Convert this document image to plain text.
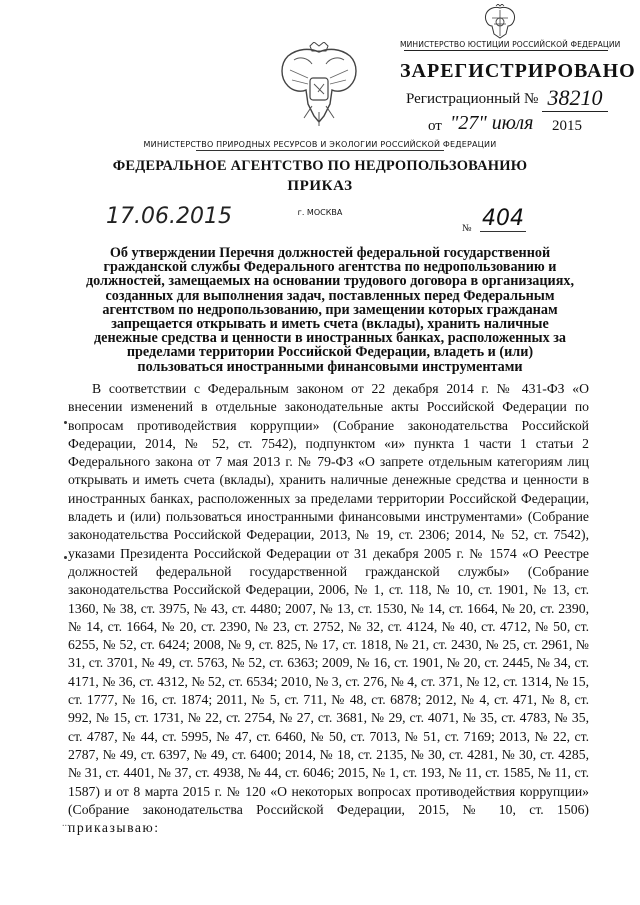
МИНИСТЕРСТВО ЮСТИЦИИ РОССИЙСКОЙ ФЕДЕРАЦИИ
ЗАРЕГИСТРИРОВАНО
Регистрационный № 38210
от "27" июля 2015
МИНИСТЕРСТВО ПРИРОДНЫХ РЕСУРСОВ И ЭКОЛОГИИ РОССИЙСКОЙ ФЕДЕРАЦИИ
ФЕДЕРАЛЬНОЕ АГЕНТСТВО ПО НЕДРОПОЛЬЗОВАНИЮ
ПРИКАЗ
г. МОСКВА
17.06.2015	№ 404
Об утверждении Перечня должностей федеральной государственной гражданской службы Федерального агентства по недропользованию и должностей, замещаемых на основании трудового договора в организациях, созданных для выполнения задач, поставленных перед Федеральным агентством по недропользованию, при замещении которых гражданам запрещается открывать и иметь счета (вклады), хранить наличные денежные средства и ценности в иностранных банках, расположенных за пределами территории Российской Федерации, владеть и (или) пользоваться иностранными финансовыми инструментами

В соответствии с Федеральным законом от 22 декабря 2014 г. № 431-ФЗ «О внесении изменений в отдельные законодательные акты Российской Федерации по вопросам противодействия коррупции» (Собрание законодательства Российской Федерации, 2014, № 52, ст. 7542), подпунктом «и» пункта 1 части 1 статьи 2 Федерального закона от 7 мая 2013 г. № 79-ФЗ «О запрете отдельным категориям лиц открывать и иметь счета (вклады), хранить наличные денежные средства и ценности в иностранных банках, расположенных за пределами территории Российской Федерации, владеть и (или) пользоваться иностранными финансовыми инструментами» (Собрание законодательства Российской Федерации, 2013, № 19, ст. 2306; 2014, № 52, ст. 7542), указами Президента Российской Федерации от 31 декабря 2005 г. № 1574 «О Реестре должностей федеральной государственной гражданской службы» (Собрание законодательства Российской Федерации, 2006, № 1, ст. 118, № 10, ст. 1901, № 13, ст. 1360, № 38, ст. 3975, № 43, ст. 4480; 2007, № 13, ст. 1530, № 14, ст. 1664, № 20, ст. 2390, № 14, ст. 1664, № 20, ст. 2390, № 23, ст. 2752, № 32, ст. 4124, № 40, ст. 4712, № 50, ст. 6255, № 52, ст. 6424; 2008, № 9, ст. 825, № 17, ст. 1818, № 21, ст. 2430, № 25, ст. 2961, № 31, ст. 3701, № 49, ст. 5763, № 52, ст. 6363; 2009, № 16, ст. 1901, № 20, ст. 2445, № 34, ст. 4171, № 36, ст. 4312, № 52, ст. 6534; 2010, № 3, ст. 276, № 4, ст. 371, № 12, ст. 1314, № 15, ст. 1777, № 16, ст. 1874; 2011, № 5, ст. 711, № 48, ст. 6878; 2012, № 4, ст. 471, № 8, ст. 992, № 15, ст. 1731, № 22, ст. 2754, № 27, ст. 3681, № 29, ст. 4071, № 35, ст. 4783, № 35, ст. 4787, № 44, ст. 5995, № 47, ст. 6460, № 50, ст. 7013, № 51, ст. 7169; 2013, № 22, ст. 2787, № 49, ст. 6397, № 49, ст. 6400; 2014, № 18, ст. 2135, № 30, ст. 4281, № 30, ст. 4285, № 31, ст. 4401, № 37, ст. 4938, № 44, ст. 6046; 2015, № 1, ст. 193, № 11, ст. 1585, № 11, ст. 1587) и от 8 марта 2015 г. № 120 «О некоторых вопросах противодействия коррупции» (Собрание законодательства Российской Федерации, 2015, № 10, ст. 1506) приказываю:

...
